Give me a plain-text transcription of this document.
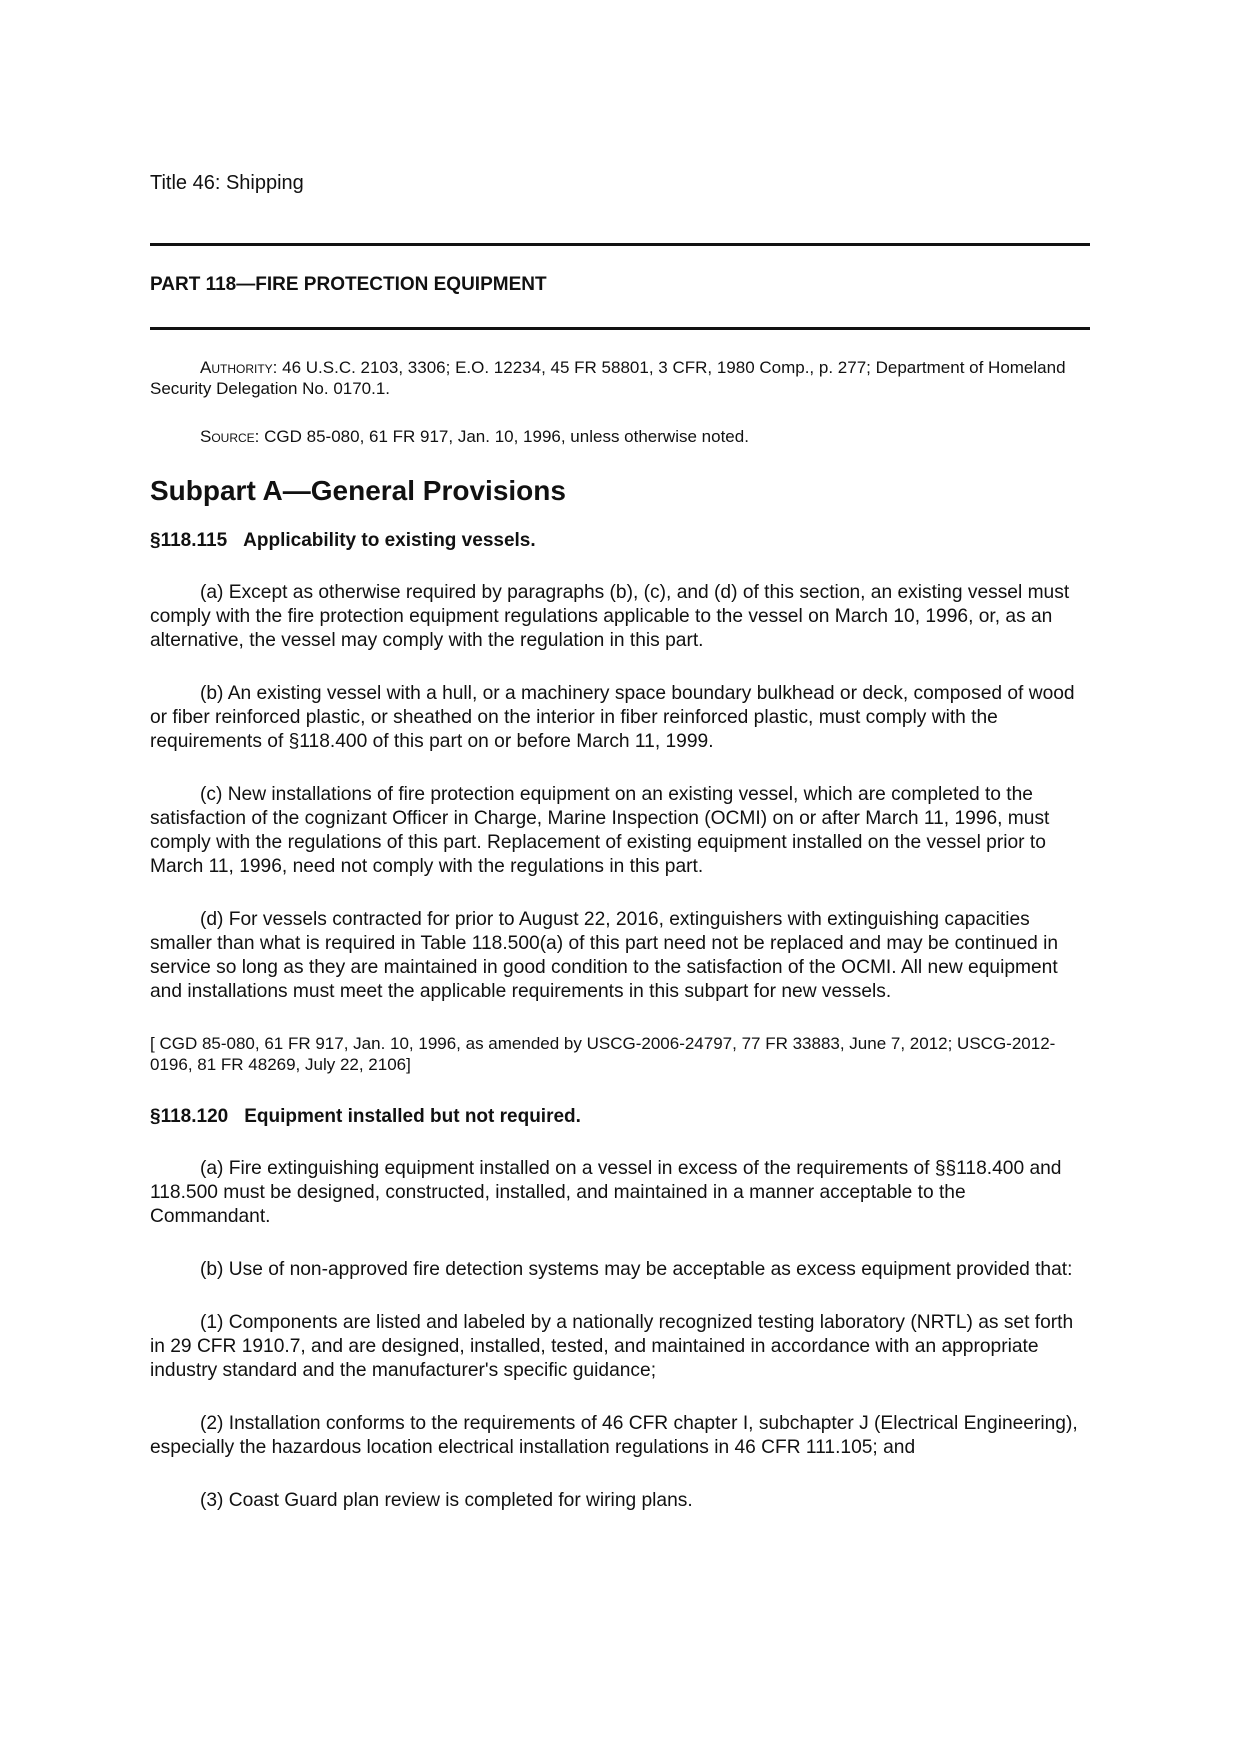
Title 46: Shipping

PART 118—FIRE PROTECTION EQUIPMENT

Authority: 46 U.S.C. 2103, 3306; E.O. 12234, 45 FR 58801, 3 CFR, 1980 Comp., p. 277; Department of Homeland Security Delegation No. 0170.1.

Source: CGD 85-080, 61 FR 917, Jan. 10, 1996, unless otherwise noted.

Subpart A—General Provisions

§118.115 Applicability to existing vessels.

(a) Except as otherwise required by paragraphs (b), (c), and (d) of this section, an existing vessel must comply with the fire protection equipment regulations applicable to the vessel on March 10, 1996, or, as an alternative, the vessel may comply with the regulation in this part.

(b) An existing vessel with a hull, or a machinery space boundary bulkhead or deck, composed of wood or fiber reinforced plastic, or sheathed on the interior in fiber reinforced plastic, must comply with the requirements of §118.400 of this part on or before March 11, 1999.

(c) New installations of fire protection equipment on an existing vessel, which are completed to the satisfaction of the cognizant Officer in Charge, Marine Inspection (OCMI) on or after March 11, 1996, must comply with the regulations of this part. Replacement of existing equipment installed on the vessel prior to March 11, 1996, need not comply with the regulations in this part.

(d) For vessels contracted for prior to August 22, 2016, extinguishers with extinguishing capacities smaller than what is required in Table 118.500(a) of this part need not be replaced and may be continued in service so long as they are maintained in good condition to the satisfaction of the OCMI. All new equipment and installations must meet the applicable requirements in this subpart for new vessels.

[ CGD 85-080, 61 FR 917, Jan. 10, 1996, as amended by USCG-2006-24797, 77 FR 33883, June 7, 2012; USCG-2012-0196, 81 FR 48269, July 22, 2106]

§118.120 Equipment installed but not required.

(a) Fire extinguishing equipment installed on a vessel in excess of the requirements of §§118.400 and 118.500 must be designed, constructed, installed, and maintained in a manner acceptable to the Commandant.

(b) Use of non-approved fire detection systems may be acceptable as excess equipment provided that:

(1) Components are listed and labeled by a nationally recognized testing laboratory (NRTL) as set forth in 29 CFR 1910.7, and are designed, installed, tested, and maintained in accordance with an appropriate industry standard and the manufacturer's specific guidance;

(2) Installation conforms to the requirements of 46 CFR chapter I, subchapter J (Electrical Engineering), especially the hazardous location electrical installation regulations in 46 CFR 111.105; and

(3) Coast Guard plan review is completed for wiring plans.
